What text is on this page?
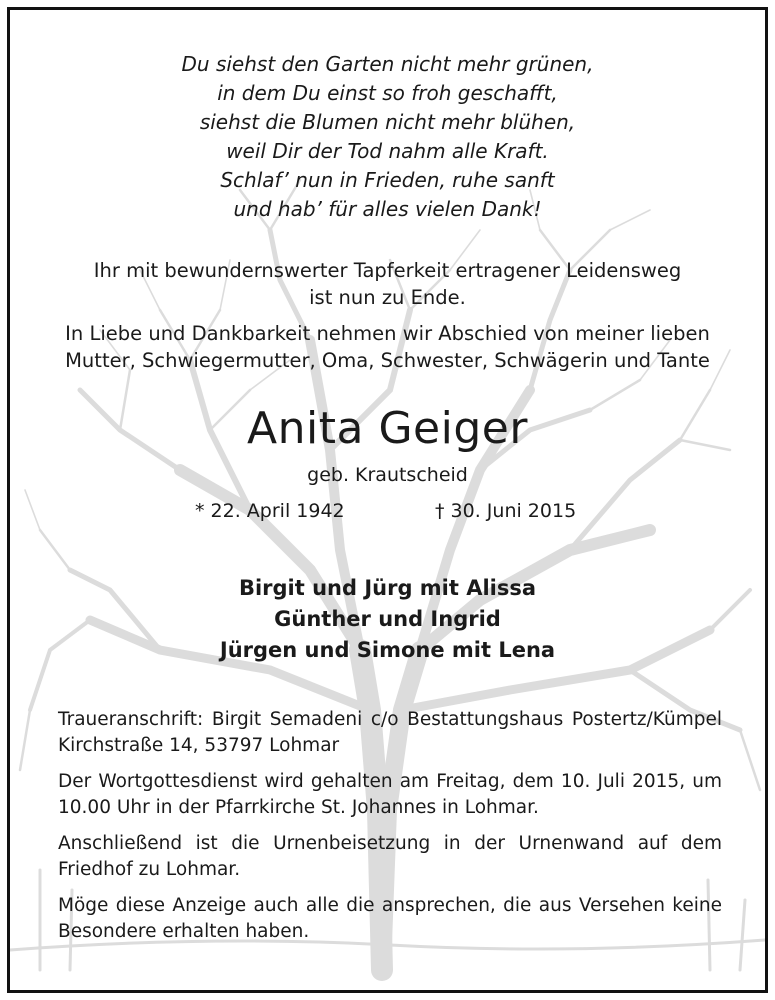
Du siehst den Garten nicht mehr grünen,
in dem Du einst so froh geschafft,
siehst die Blumen nicht mehr blühen,
weil Dir der Tod nahm alle Kraft.
Schlaf’ nun in Frieden, ruhe sanft
und hab’ für alles vielen Dank!
Ihr mit bewundernswerter Tapferkeit ertragener Leidensweg
ist nun zu Ende.
In Liebe und Dankbarkeit nehmen wir Abschied von meiner lieben
Mutter, Schwiegermutter, Oma, Schwester, Schwägerin und Tante
Anita Geiger
geb. Krautscheid
* 22. April 1942	† 30. Juni 2015
Birgit und Jürg mit Alissa
Günther und Ingrid
Jürgen und Simone mit Lena

Traueranschrift: Birgit Semadeni c/o Bestattungshaus Postertz/Kümpel Kirchstraße 14, 53797 Lohmar

Der Wortgottesdienst wird gehalten am Freitag, dem 10. Juli 2015, um 10.00 Uhr in der Pfarrkirche St. Johannes in Lohmar.

Anschließend ist die Urnenbeisetzung in der Urnenwand auf dem Friedhof zu Lohmar.

Möge diese Anzeige auch alle die ansprechen, die aus Versehen keine Besondere erhalten haben.
